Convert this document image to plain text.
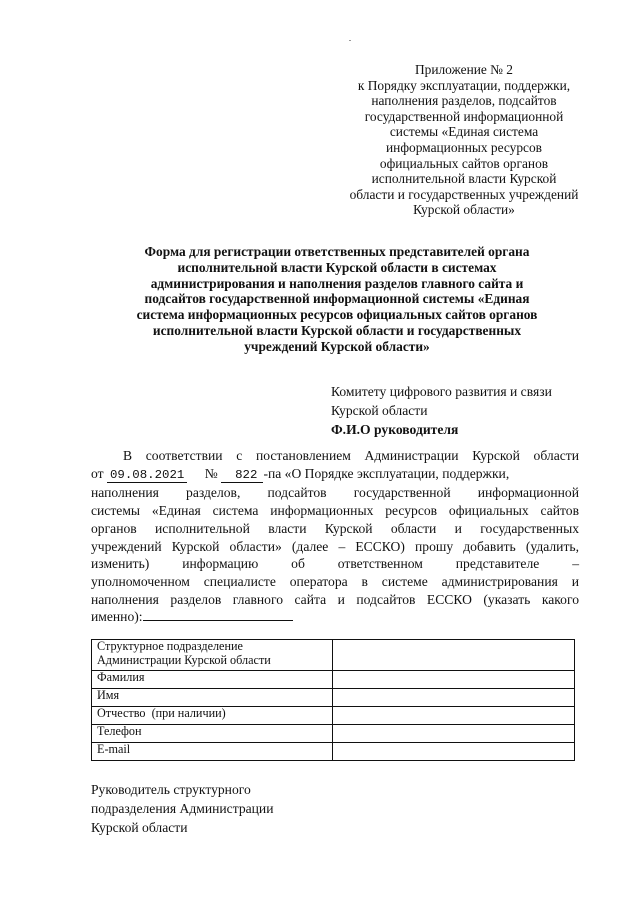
Приложение № 2
к Порядку эксплуатации, поддержки,
наполнения разделов, подсайтов
государственной информационной
системы «Единая система
информационных ресурсов
официальных сайтов органов
исполнительной власти Курской
области и государственных учреждений
Курской области»
Форма для регистрации ответственных представителей органа
исполнительной власти Курской области в системах
администрирования и наполнения разделов главного сайта и
подсайтов государственной информационной системы «Единая
система информационных ресурсов официальных сайтов органов
исполнительной власти Курской области и государственных
учреждений Курской области»
Комитету цифрового развития и связи
Курской области
Ф.И.О руководителя
В соответствии с постановлением Администрации Курской области
от 09.08.2021 № 822 -па «О Порядке эксплуатации, поддержки,
наполнения разделов, подсайтов государственной информационной
системы «Единая система информационных ресурсов официальных сайтов
органов исполнительной власти Курской области и государственных
учреждений Курской области» (далее – ЕССКО) прошу добавить (удалить,
изменить) информацию об ответственном представителе –
уполномоченном специалисте оператора в системе администрирования и
наполнения разделов главного сайта и подсайтов ЕССКО (указать какого
именно):
Структурное подразделение
Администрации Курской области	

Фамилия	
Имя	
Отчество  (при наличии)	
Телефон	
E-mail	
Руководитель структурного
подразделения Администрации
Курской области
